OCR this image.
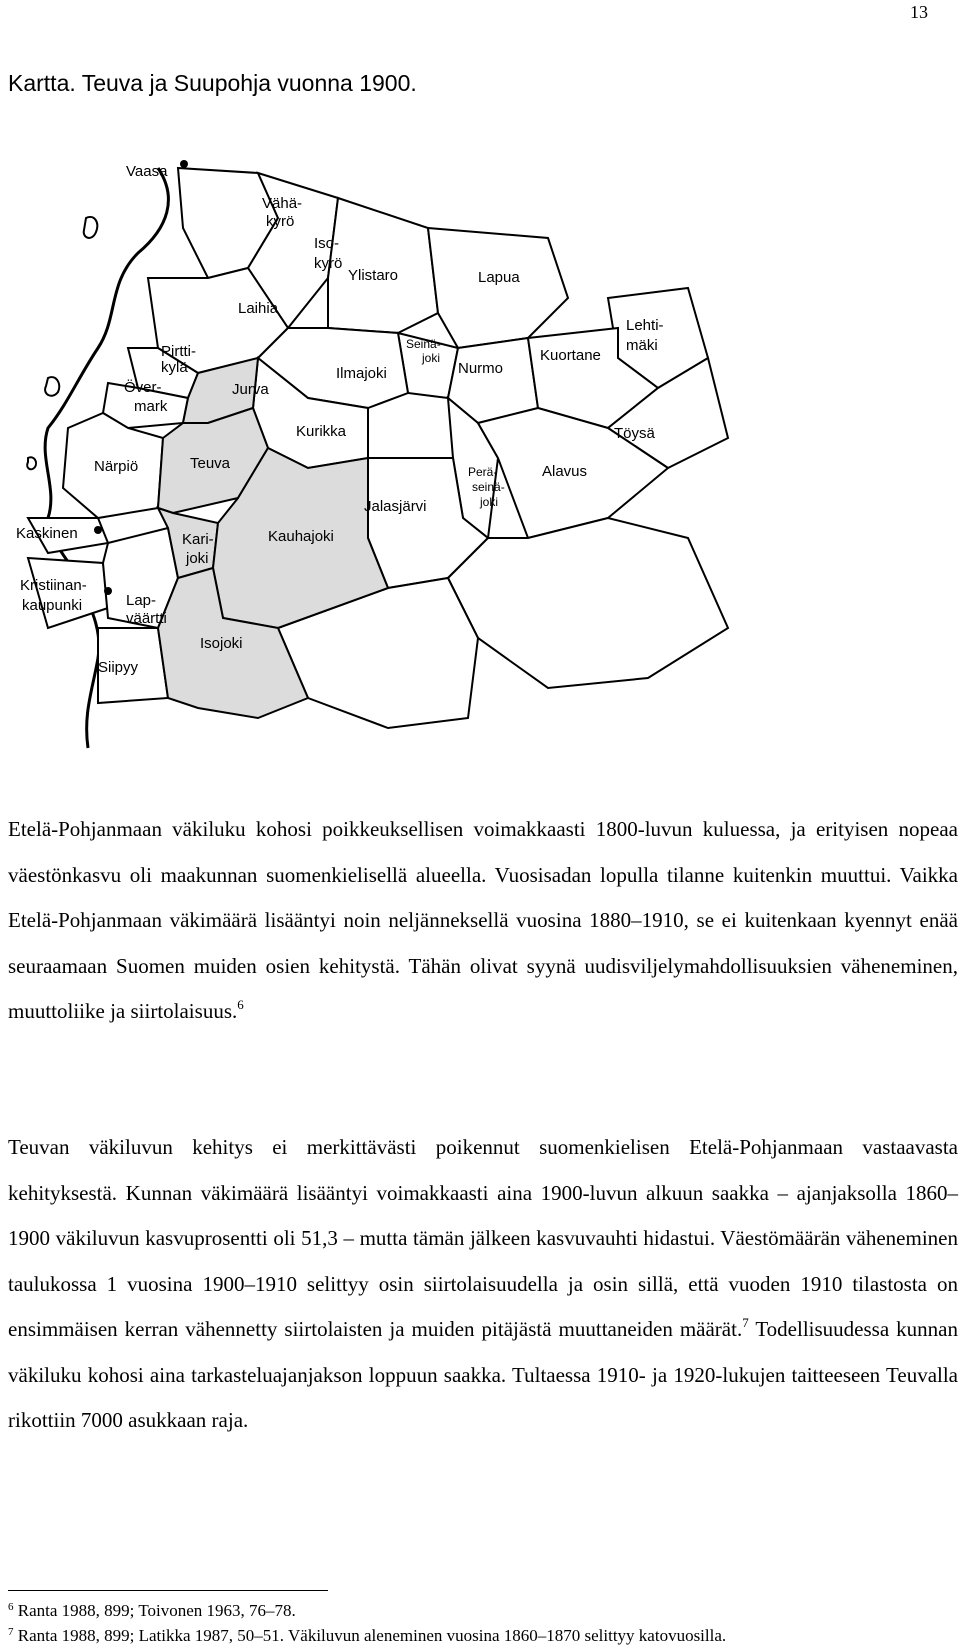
13
Kartta. Teuva ja Suupohja vuonna 1900.
Vaasa
Vähä-
kyrö
Iso-
kyrö
Ylistaro	Lapua
Laihia
Lehti-
mäki
Pirtti-
kylä
Seinä-
joki	Kuortane
Nurmo
Ilmajoki
Jurva
Över-
mark
Töysä
Kurikka
Närpiö	Teuva	Perä-
seinä-
joki
Alavus
Jalasjärvi
Kaskinen	Kari-
joki
Kauhajoki
Kristiinan-
kaupunki	Lap-
väärtti
Isojoki
Siipyy

Etelä-Pohjanmaan väkiluku kohosi poikkeuksellisen voimakkaasti 1800-luvun kuluessa, ja erityisen nopeaa väestönkasvu oli maakunnan suomenkielisellä alueella. Vuosisadan lopulla tilanne kuitenkin muuttui. Vaikka Etelä-Pohjanmaan väkimäärä lisääntyi noin neljänneksellä vuosina 1880–1910, se ei kuitenkaan kyennyt enää seuraamaan Suomen muiden osien kehitystä. Tähän olivat syynä uudisviljelymahdollisuuksien väheneminen, muuttoliike ja siirtolaisuus.$^6$

Teuvan väkiluvun kehitys ei merkittävästi poikennut suomenkielisen Etelä-Pohjanmaan vastaavasta kehityksestä. Kunnan väkimäärä lisääntyi voimakkaasti aina 1900-luvun alkuun saakka – ajanjaksolla 1860–1900 väkiluvun kasvuprosentti oli 51,3 – mutta tämän jälkeen kasvuvauhti hidastui. Väestömäärän väheneminen taulukossa 1 vuosina 1900–1910 selittyy osin siirtolaisuudella ja osin sillä, että vuoden 1910 tilastosta on ensimmäisen kerran vähennetty siirtolaisten ja muiden pitäjästä muuttaneiden määrät.$^7$ Todellisuudessa kunnan väkiluku kohosi aina tarkasteluajanjakson loppuun saakka. Tultaessa 1910- ja 1920-lukujen taitteeseen Teuvalla rikottiin 7000 asukkaan raja.

$^6$ Ranta 1988, 899; Toivonen 1963, 76–78.
$^7$ Ranta 1988, 899; Latikka 1987, 50–51. Väkiluvun aleneminen vuosina 1860–1870 selittyy katovuosilla.
